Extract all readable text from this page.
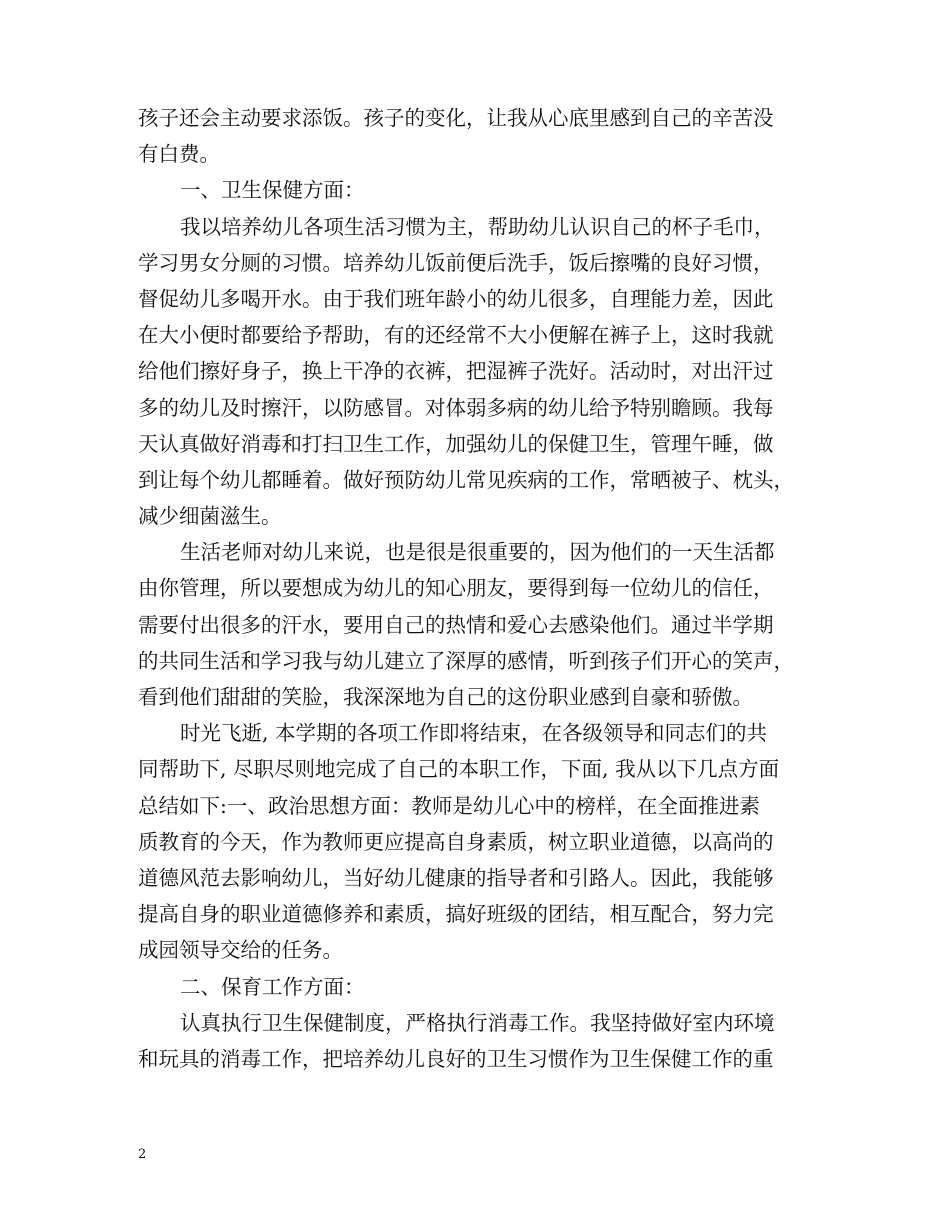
孩子还会主动要求添饭。孩子的变化，让我从心底里感到自己的辛苦没
有白费。
一、卫生保健方面：
我以培养幼儿各项生活习惯为主，帮助幼儿认识自己的杯子毛巾，
学习男女分厕的习惯。培养幼儿饭前便后洗手，饭后擦嘴的良好习惯，
督促幼儿多喝开水。由于我们班年龄小的幼儿很多，自理能力差，因此
在大小便时都要给予帮助，有的还经常不大小便解在裤子上，这时我就
给他们擦好身子，换上干净的衣裤，把湿裤子洗好。活动时，对出汗过
多的幼儿及时擦汗，以防感冒。对体弱多病的幼儿给予特别瞻顾。我每
天认真做好消毒和打扫卫生工作，加强幼儿的保健卫生，管理午睡，做
到让每个幼儿都睡着。做好预防幼儿常见疾病的工作，常晒被子、枕头，
减少细菌滋生。
生活老师对幼儿来说，也是很是很重要的，因为他们的一天生活都
由你管理，所以要想成为幼儿的知心朋友，要得到每一位幼儿的信任，
需要付出很多的汗水，要用自己的热情和爱心去感染他们。通过半学期
的共同生活和学习我与幼儿建立了深厚的感情，听到孩子们开心的笑声，
看到他们甜甜的笑脸，我深深地为自己的这份职业感到自豪和骄傲。
时光飞逝, 本学期的各项工作即将结束，在各级领导和同志们的共
同帮助下, 尽职尽则地完成了自己的本职工作，下面, 我从以下几点方面
总结如下:一、政治思想方面：教师是幼儿心中的榜样，在全面推进素
质教育的今天，作为教师更应提高自身素质，树立职业道德，以高尚的
道德风范去影响幼儿，当好幼儿健康的指导者和引路人。因此，我能够
提高自身的职业道德修养和素质，搞好班级的团结，相互配合，努力完
成园领导交给的任务。
二、保育工作方面：
认真执行卫生保健制度，严格执行消毒工作。我坚持做好室内环境
和玩具的消毒工作，把培养幼儿良好的卫生习惯作为卫生保健工作的重
2
